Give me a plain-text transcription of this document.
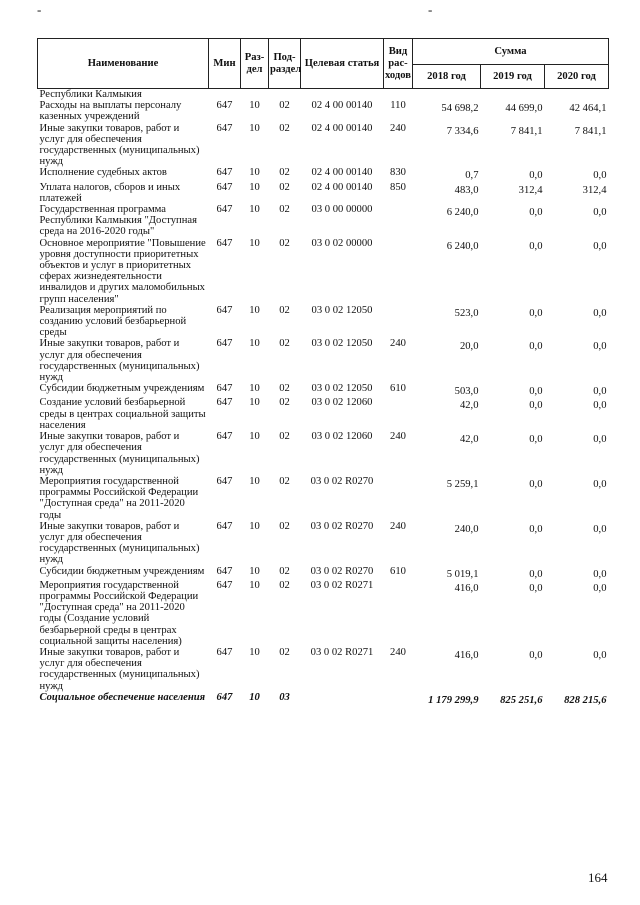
-	-
Наименование	Мин	Раз-дел	Под-раздел	Целевая статья	Вид рас-ходов	Сумма		
						2018 год	2019 год	2020 год
Республики Калмыкия								
Расходы на выплаты персоналу казенных учреждений	647	10	02	02 4 00 00140	110	54 698,2	44 699,0	42 464,1
Иные закупки товаров, работ и услуг для обеспечения государственных (муниципальных) нужд	647	10	02	02 4 00 00140	240	7 334,6	7 841,1	7 841,1
Исполнение судебных актов	647	10	02	02 4 00 00140	830	0,7	0,0	0,0
Уплата налогов, сборов и иных платежей	647	10	02	02 4 00 00140	850	483,0	312,4	312,4
Государственная программа Республики Калмыкия "Доступная среда на 2016-2020 годы"	647	10	02	03 0 00 00000		6 240,0	0,0	0,0
Основное мероприятие "Повышение уровня доступности приоритетных объектов и услуг в приоритетных сферах жизнедеятельности инвалидов и других маломобильных групп населения"	647	10	02	03 0 02 00000		6 240,0	0,0	0,0
Реализация мероприятий по созданию условий безбарьерной среды	647	10	02	03 0 02 12050		523,0	0,0	0,0
Иные закупки товаров, работ и услуг для обеспечения государственных (муниципальных) нужд	647	10	02	03 0 02 12050	240	20,0	0,0	0,0
Субсидии бюджетным учреждениям	647	10	02	03 0 02 12050	610	503,0	0,0	0,0
Создание условий безбарьерной среды в центрах социальной защиты населения	647	10	02	03 0 02 12060		42,0	0,0	0,0
Иные закупки товаров, работ и услуг для обеспечения государственных (муниципальных) нужд	647	10	02	03 0 02 12060	240	42,0	0,0	0,0
Мероприятия государственной программы Российской Федерации "Доступная среда" на 2011-2020 годы	647	10	02	03 0 02 R0270		5 259,1	0,0	0,0
Иные закупки товаров, работ и услуг для обеспечения государственных (муниципальных) нужд	647	10	02	03 0 02 R0270	240	240,0	0,0	0,0
Субсидии бюджетным учреждениям	647	10	02	03 0 02 R0270	610	5 019,1	0,0	0,0
Мероприятия государственной программы Российской Федерации "Доступная среда" на 2011-2020 годы (Создание условий безбарьерной среды в центрах социальной защиты населения)	647	10	02	03 0 02 R0271		416,0	0,0	0,0
Иные закупки товаров, работ и услуг для обеспечения государственных (муниципальных) нужд	647	10	02	03 0 02 R0271	240	416,0	0,0	0,0
Социальное обеспечение населения	647	10	03			1 179 299,9	825 251,6	828 215,6
164
